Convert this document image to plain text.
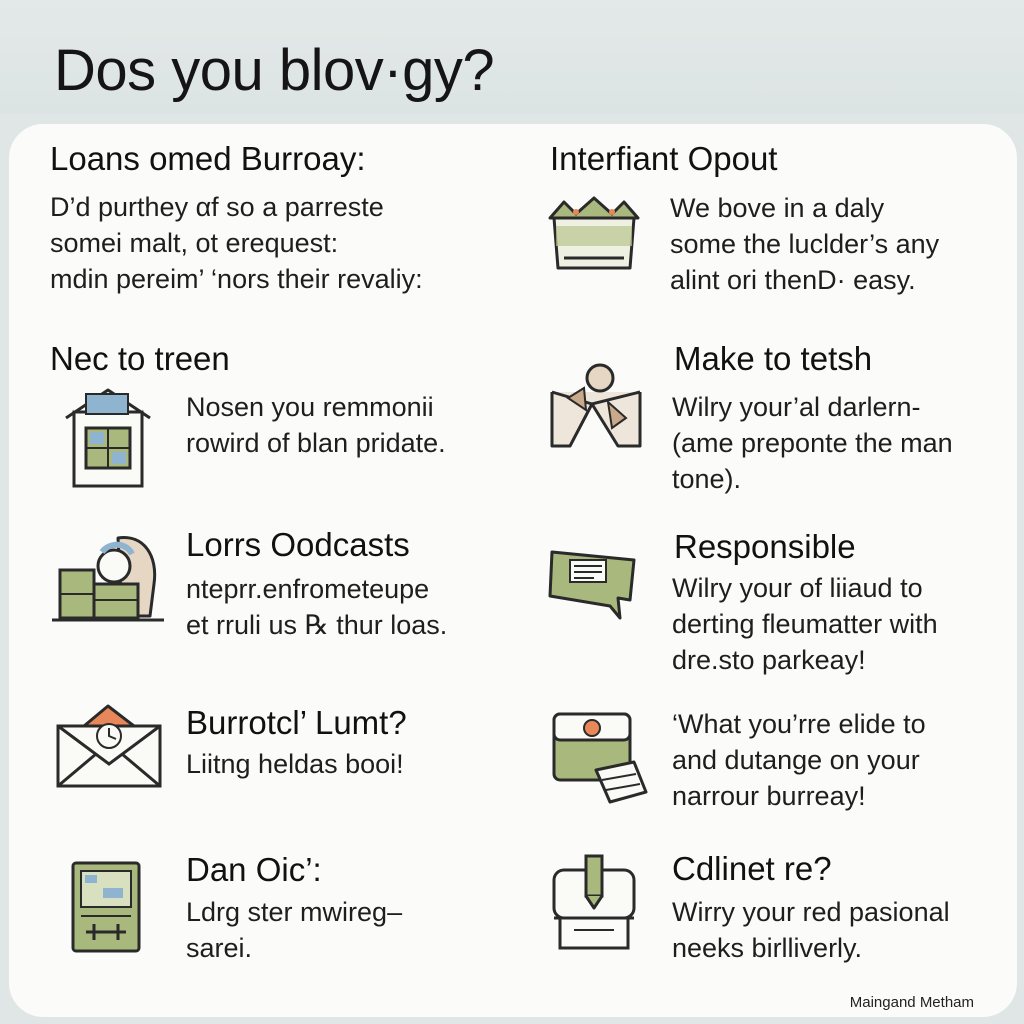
Dos you blov·gy?
Loans omed Burroay:
D’d purthey αf so a parreste
somei malt, ot erequest:
mdin pereim’ ‘nors their revaliy:
Interfiant Opout
We bove in a daly
some the luclder’s any
alint ori thenD· easy.
Nec to treen
Nosen you remmonii
rowird of blan pridate.
Make to tetsh
Wilry your’al darlern-
(ame preponte the man
tone).
Lorrs Oodcasts
nteprr.enfrometeupe
et rruli us ℞ thur loas.
Responsible
Wilry your of liiaud to
derting fleumatter with
dre.sto parkeay!
Burrotcl’ Lumt?
Liitng heldas booi!
‘What you’rre elide to
and dutange on your
narrour burreay!
Dan Oic’:
Ldrg ster mwireg–
sarei.
Cdlinet re?
Wirry your red pasional
neeks birlliverly.
Maingand Metham
